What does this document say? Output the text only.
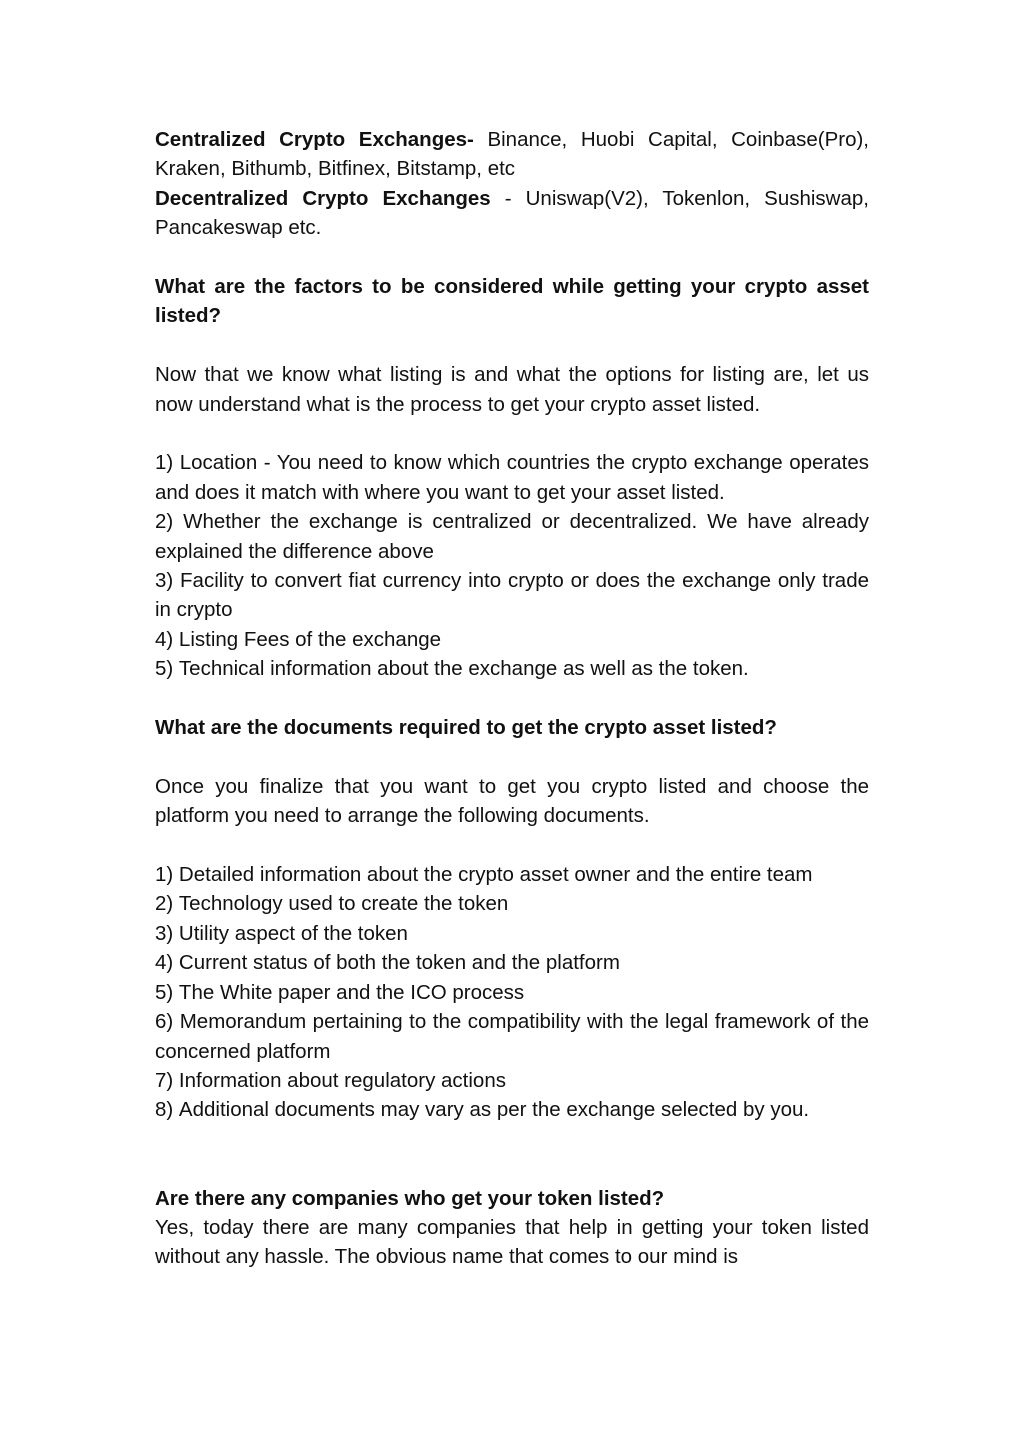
Centralized Crypto Exchanges- Binance, Huobi Capital, Coinbase(Pro), Kraken, Bithumb, Bitfinex, Bitstamp, etc

Decentralized Crypto Exchanges - Uniswap(V2), Tokenlon, Sushiswap, Pancakeswap etc.

What are the factors to be considered while getting your crypto asset listed?

Now that we know what listing is and what the options for listing are, let us now understand what is the process to get your crypto asset listed.

1) Location - You need to know which countries the crypto exchange operates and does it match with where you want to get your asset listed.
2) Whether the exchange is centralized or decentralized. We have already explained the difference above
3) Facility to convert fiat currency into crypto or does the exchange only trade in crypto
4) Listing Fees of the exchange
5) Technical information about the exchange as well as the token.

What are the documents required to get the crypto asset listed?

Once you finalize that you want to get you crypto listed and choose the platform you need to arrange the following documents.

1) Detailed information about the crypto asset owner and the entire team
2) Technology used to create the token
3) Utility aspect of the token
4) Current status of both the token and the platform
5) The White paper and the ICO process
6) Memorandum pertaining to the compatibility with the legal framework of the concerned platform
7) Information about regulatory actions
8) Additional documents may vary as per the exchange selected by you.

Are there any companies who get your token listed?

Yes, today there are many companies that help in getting your token listed without any hassle. The obvious name that comes to our mind is
